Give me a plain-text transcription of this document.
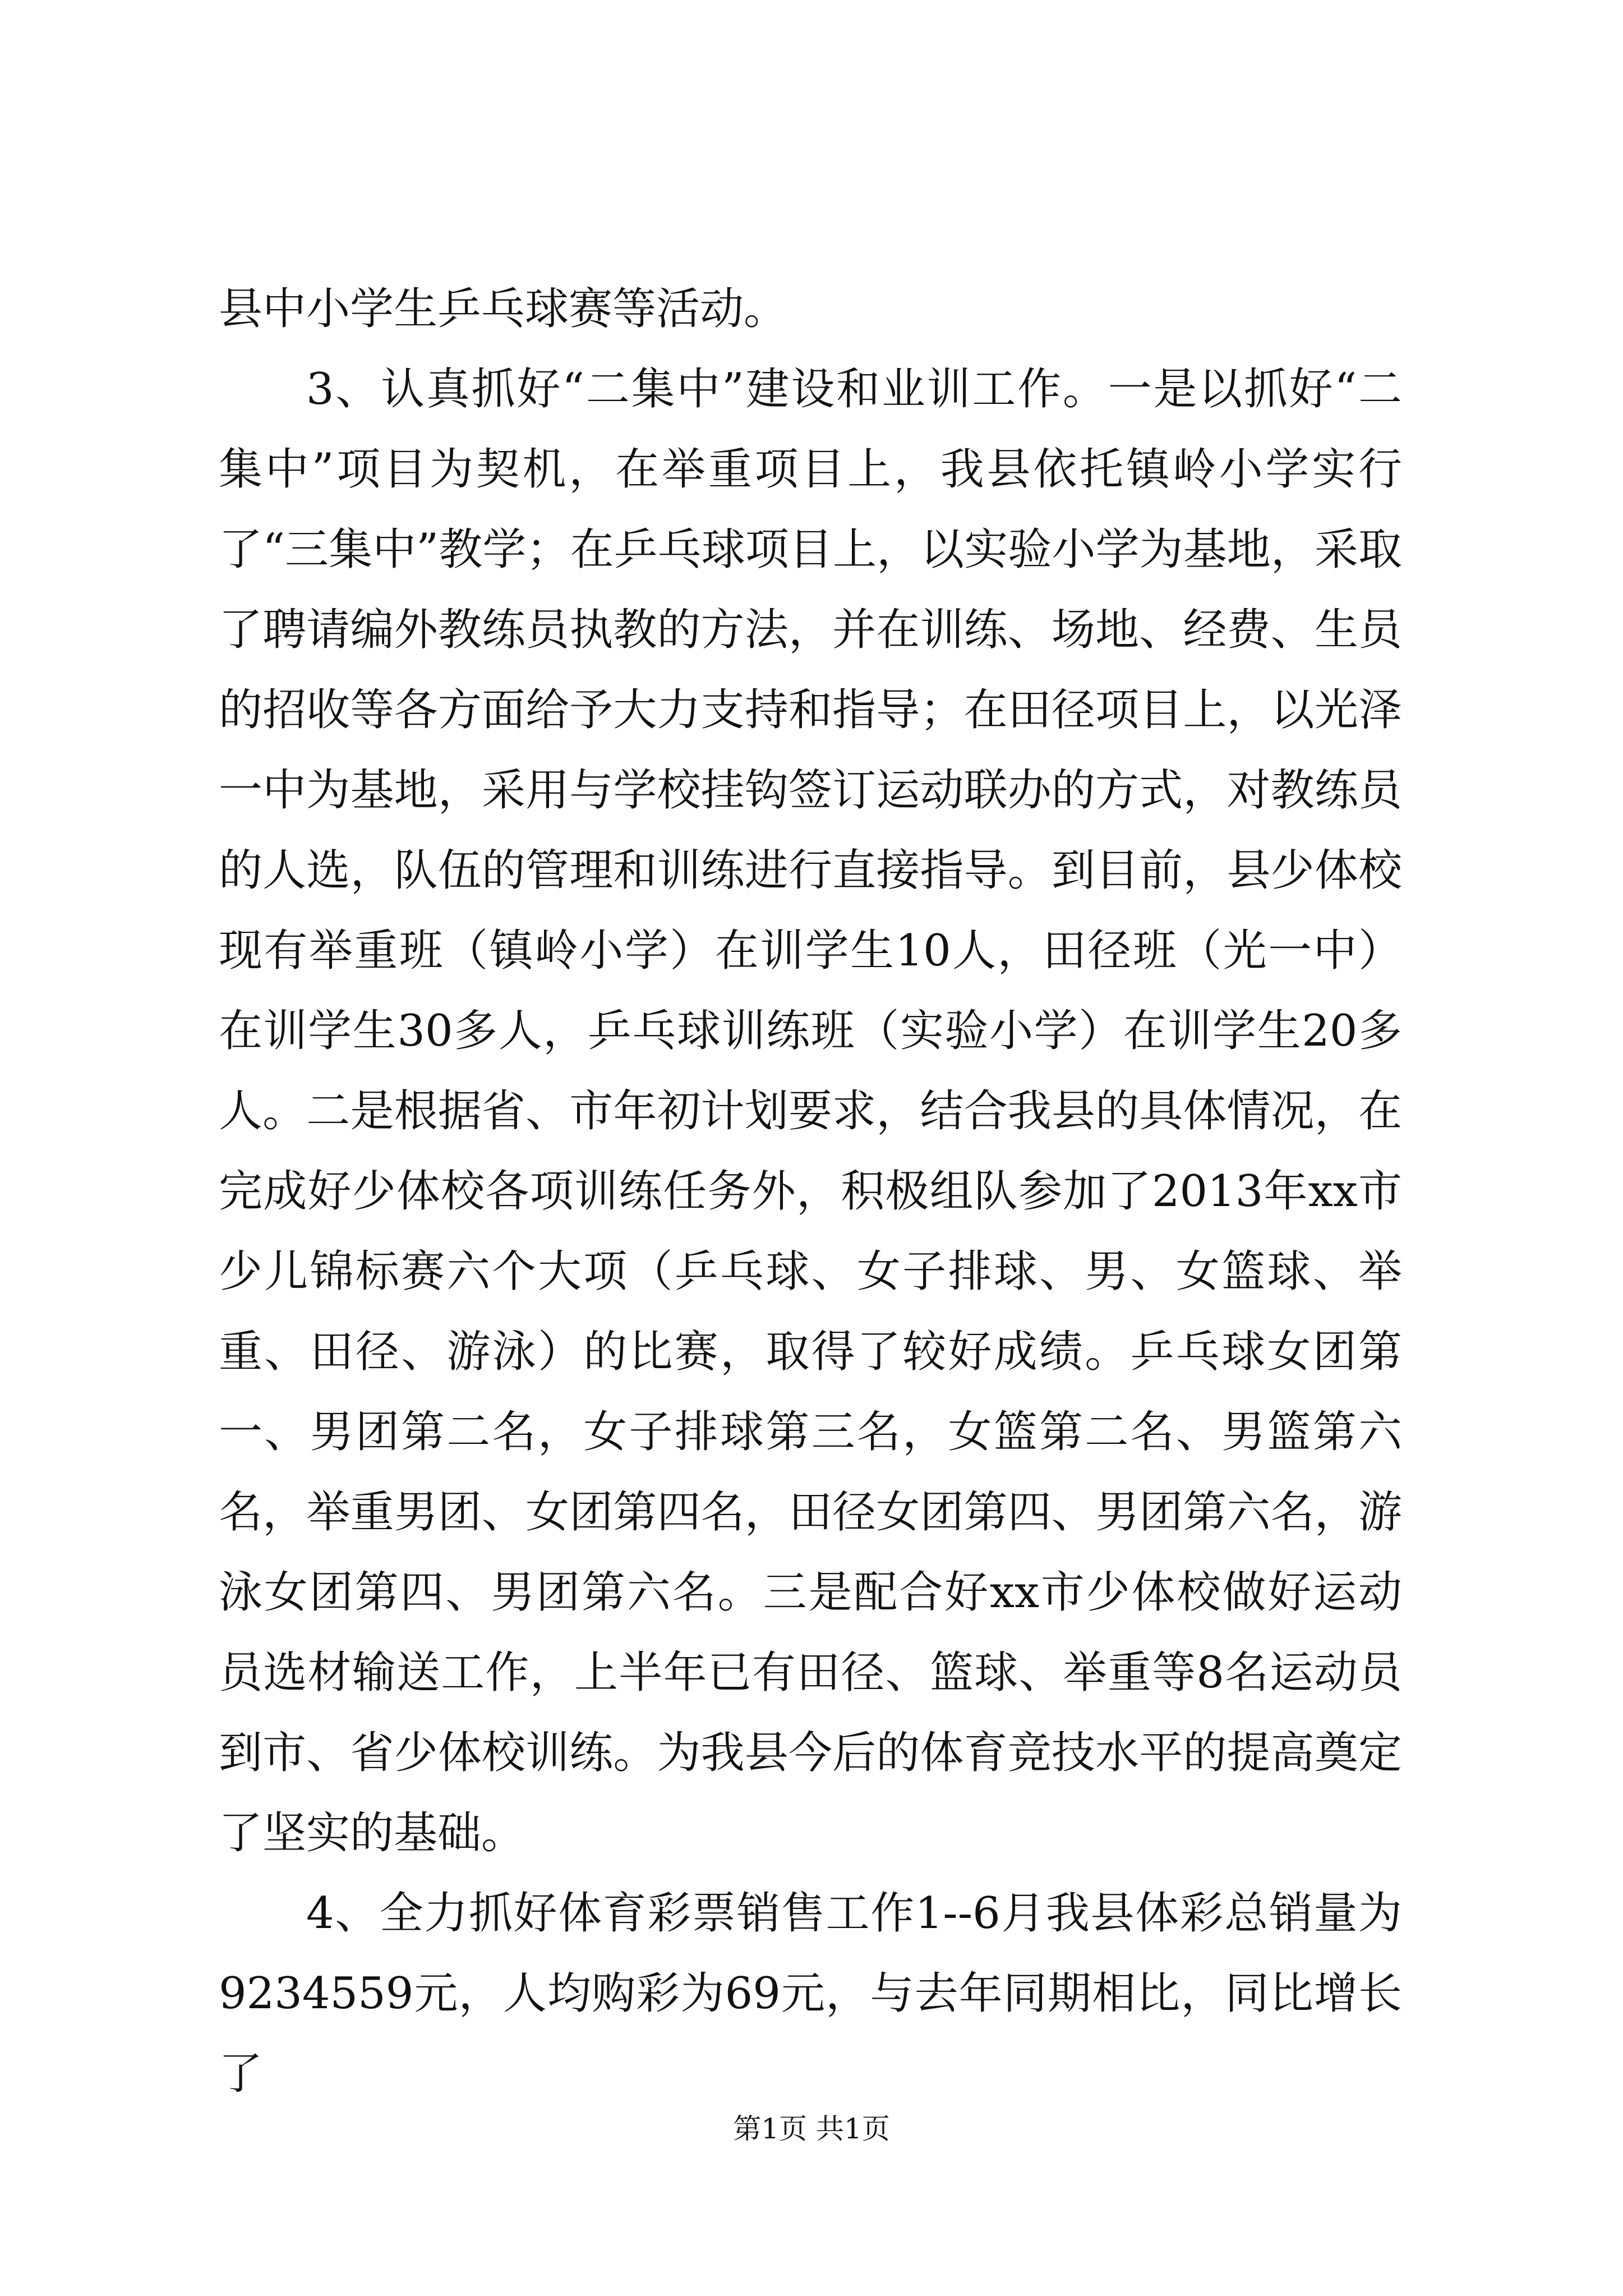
县中小学生乒乓球赛等活动。

3、认真抓好“二集中”建设和业训工作。一是以抓好“二集中”项目为契机，在举重项目上，我县依托镇岭小学实行了“三集中”教学；在乒乓球项目上，以实验小学为基地，采取了聘请编外教练员执教的方法，并在训练、场地、经费、生员的招收等各方面给予大力支持和指导；在田径项目上，以光泽一中为基地，采用与学校挂钩签订运动联办的方式，对教练员的人选，队伍的管理和训练进行直接指导。到目前，县少体校现有举重班（镇岭小学）在训学生10人，田径班（光一中）在训学生30多人，乒乓球训练班（实验小学）在训学生20多人。二是根据省、市年初计划要求，结合我县的具体情况，在完成好少体校各项训练任务外，积极组队参加了2013年xx市少儿锦标赛六个大项（乒乓球、女子排球、男、女篮球、举重、田径、游泳）的比赛，取得了较好成绩。乒乓球女团第一、男团第二名，女子排球第三名，女篮第二名、男篮第六名，举重男团、女团第四名，田径女团第四、男团第六名，游泳女团第四、男团第六名。三是配合好xx市少体校做好运动员选材输送工作，上半年已有田径、篮球、举重等8名运动员到市、省少体校训练。为我县今后的体育竞技水平的提高奠定了坚实的基础。

4、全力抓好体育彩票销售工作1--6月我县体彩总销量为9234559元，人均购彩为69元，与去年同期相比，同比增长了

第1页 共1页
